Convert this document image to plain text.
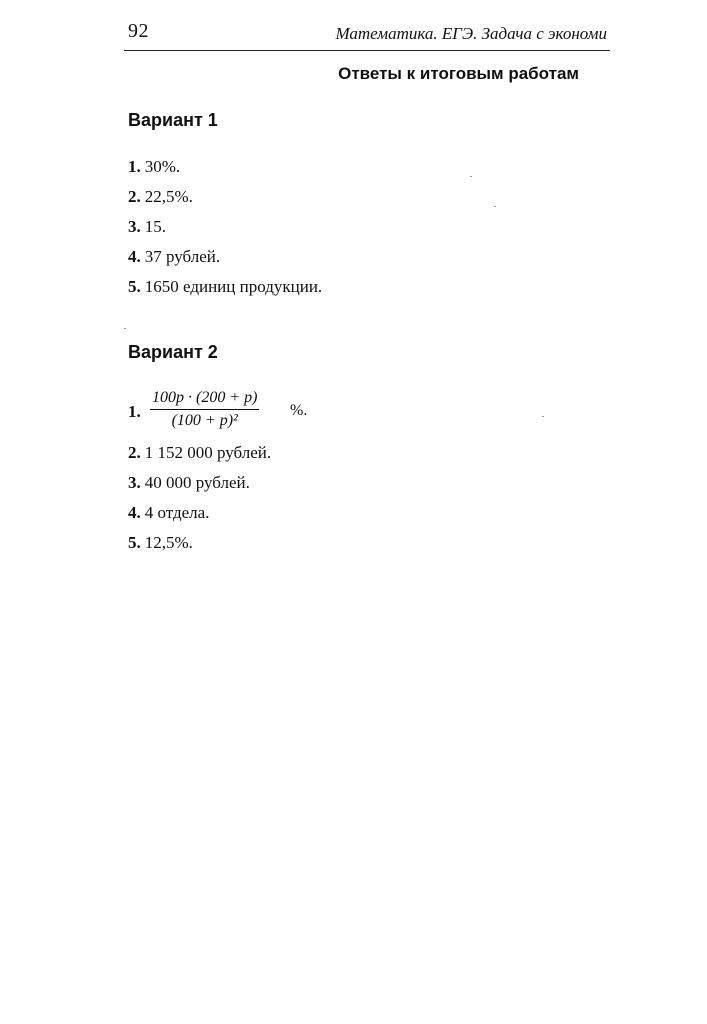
92	Математика. ЕГЭ. Задача с экономи
Ответы к итоговым работам
Вариант 1
1. 30%.
2. 22,5%.
3. 15.
4. 37 рублей.
5. 1650 единиц продукции.
Вариант 2
1. $\frac{100p \cdot (200 + p)}{\text{(100 + p)²}}$ %.
2. 1 152 000 рублей.
3. 40 000 рублей.
4. 4 отдела.
5. 12,5%.
